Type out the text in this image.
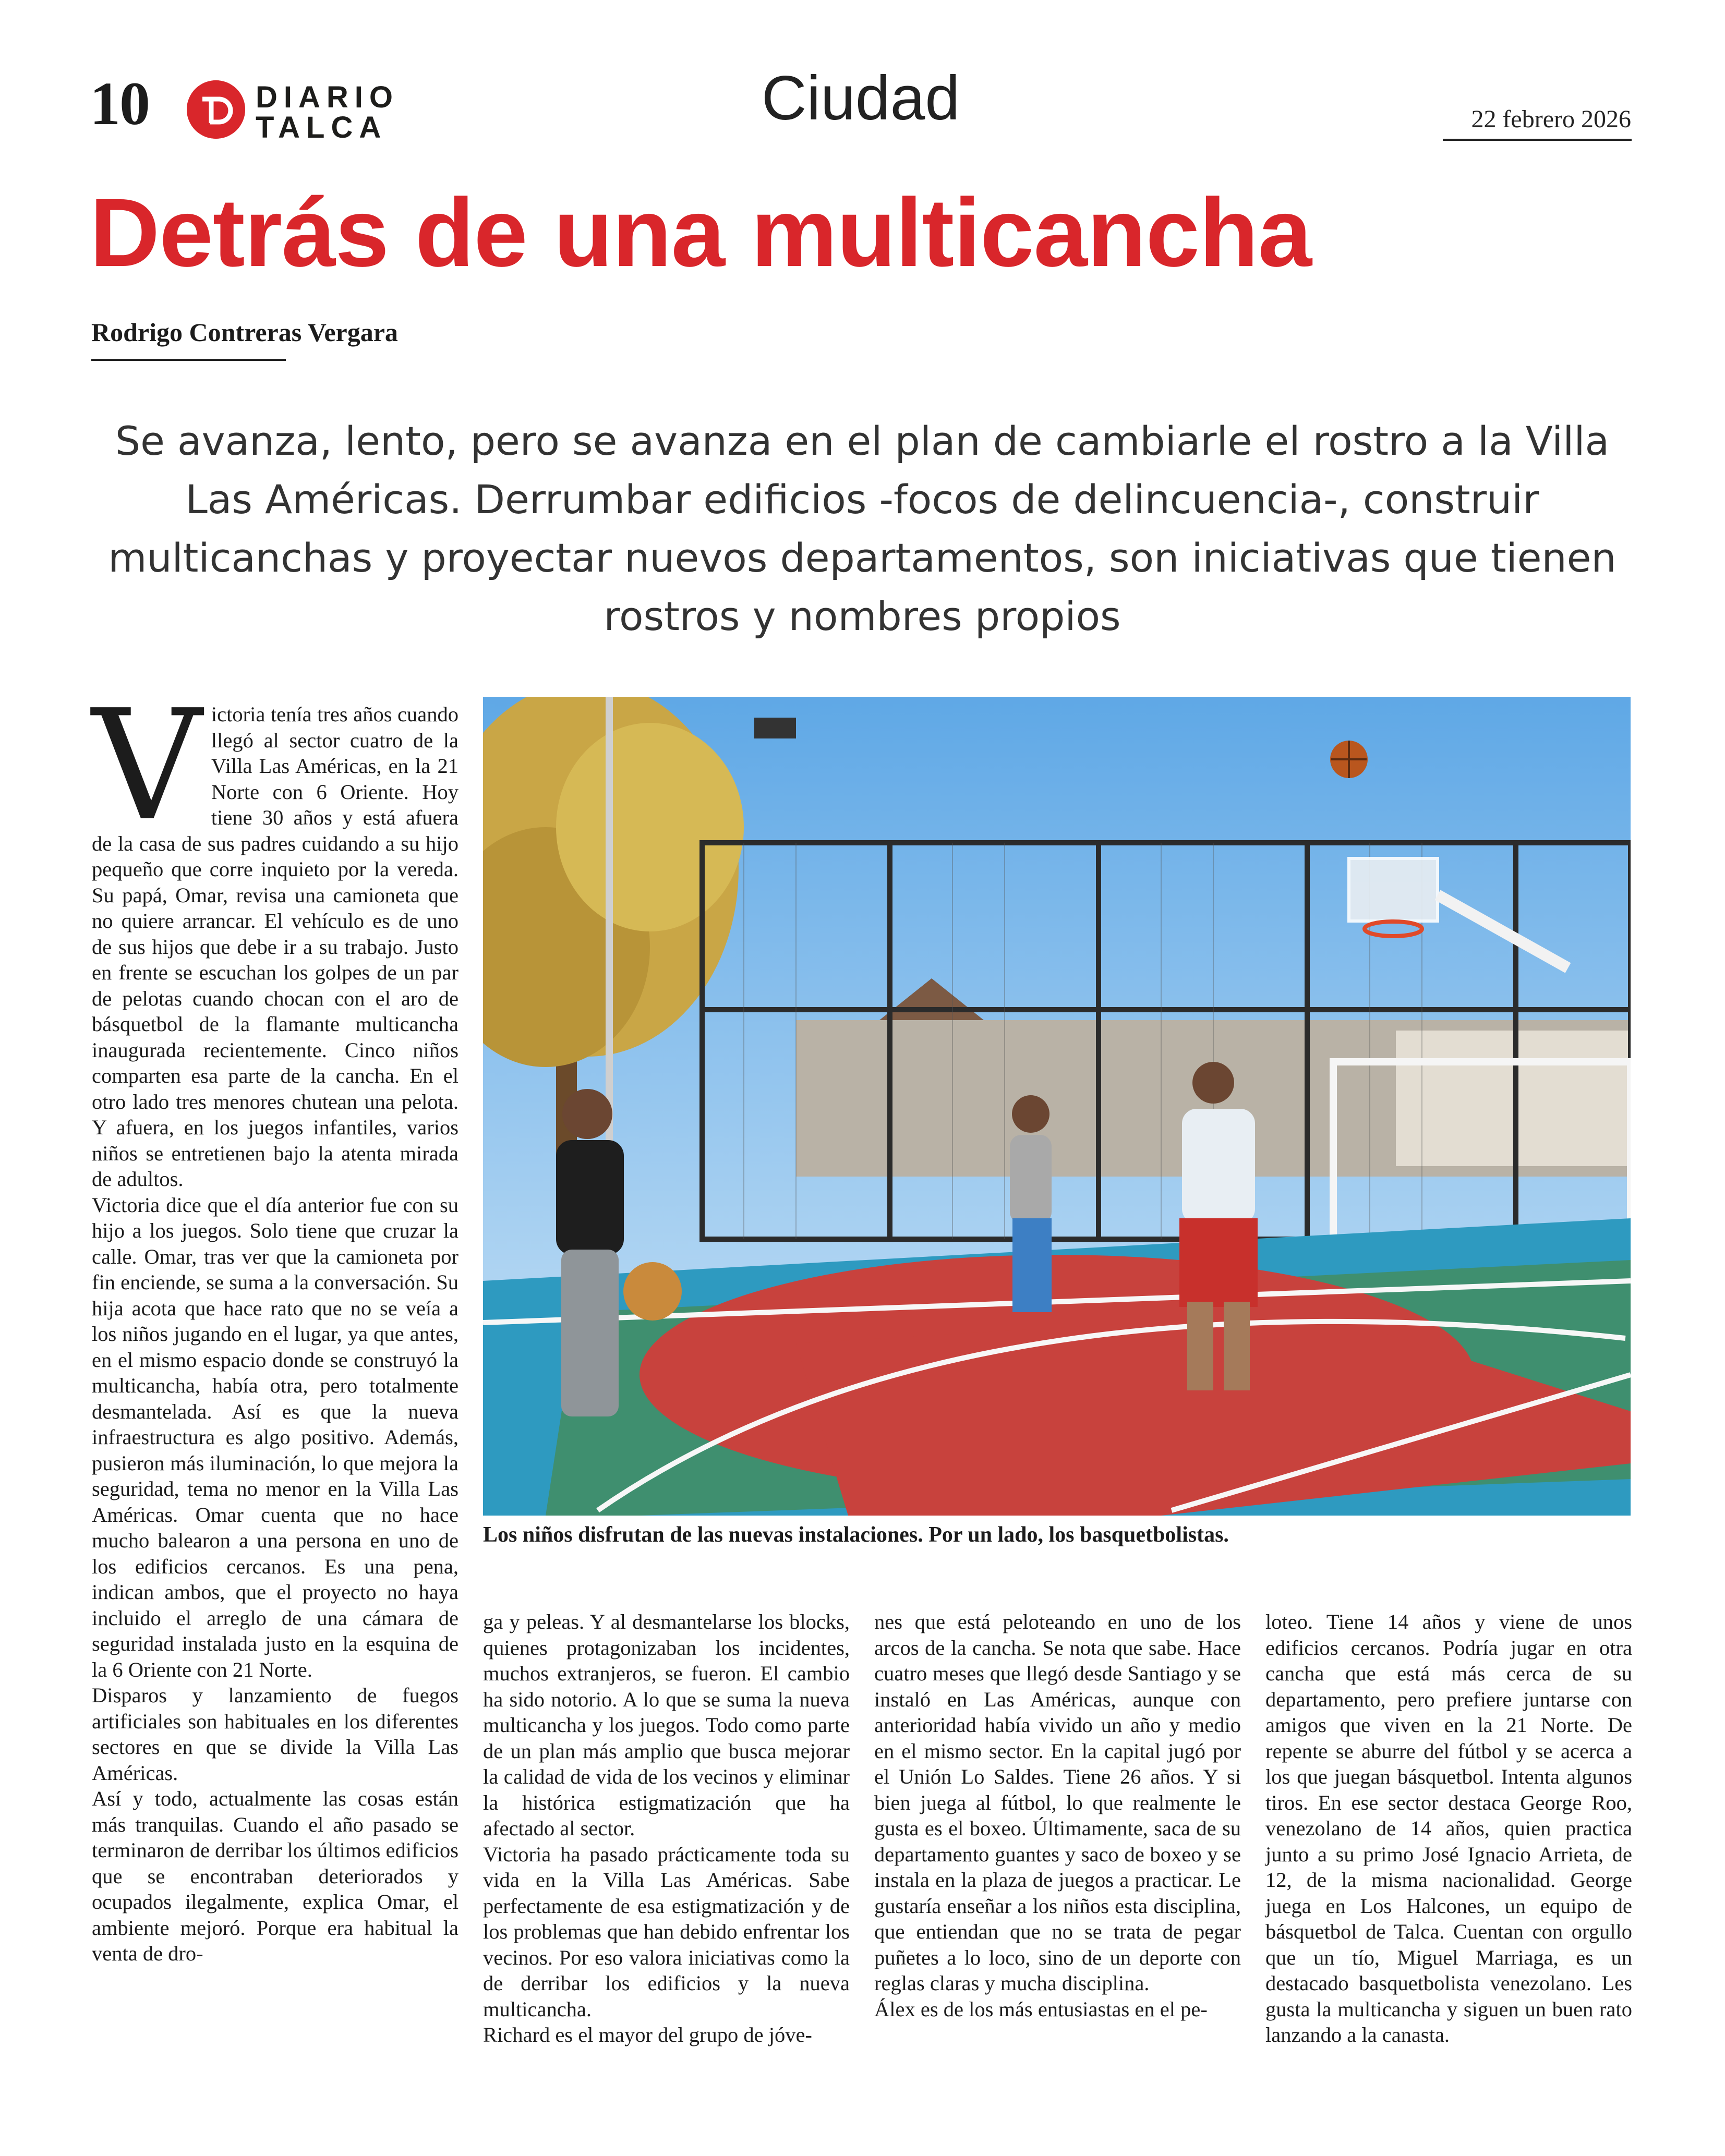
10	DIARIO
TALCA	Ciudad	22 febrero 2026
Detrás de una multicancha
Rodrigo Contreras Vergara
Se avanza, lento, pero se avanza en el plan de cambiarle el rostro a la Villa Las Américas. Derrumbar edificios -focos de delincuencia-, construir multicanchas y proyectar nuevos departamentos, son iniciativas que tienen rostros y nombres propios
V ictoria tenía tres años cuando llegó al sector cuatro de la Villa Las Américas, en la 21 Norte con 6 Oriente. Hoy tiene 30 años y está afuera de la casa de sus padres cuidando a su hijo pequeño que corre inquieto por la vereda. Su papá, Omar, revisa una camioneta que no quiere arrancar. El vehículo es de uno de sus hijos que debe ir a su trabajo. Justo en frente se escuchan los golpes de un par de pelotas cuando chocan con el aro de básquetbol de la flamante multicancha inaugurada recientemente. Cinco niños comparten esa parte de la cancha. En el otro lado tres menores chutean una pelota. Y afuera, en los juegos infantiles, varios niños se entretienen bajo la atenta mirada de adultos.

Victoria dice que el día anterior fue con su hijo a los juegos. Solo tiene que cruzar la calle. Omar, tras ver que la camioneta por fin enciende, se suma a la conversación. Su hija acota que hace rato que no se veía a los niños jugando en el lugar, ya que antes, en el mismo espacio donde se construyó la multicancha, había otra, pero totalmente desmantelada. Así es que la nueva infraestructura es algo positivo. Además, pusieron más iluminación, lo que mejora la seguridad, tema no menor en la Villa Las Américas. Omar cuenta que no hace mucho balearon a una persona en uno de los edificios cercanos. Es una pena, indican ambos, que el proyecto no haya incluido el arreglo de una cámara de seguridad instalada justo en la esquina de la 6 Oriente con 21 Norte.

Disparos y lanzamiento de fuegos artificiales son habituales en los diferentes sectores en que se divide la Villa Las Américas.

Así y todo, actualmente las cosas están más tranquilas. Cuando el año pasado se terminaron de derribar los últimos edificios que se encontraban deteriorados y ocupados ilegalmente, explica Omar, el ambiente mejoró. Porque era habitual la venta de dro-

Los niños disfrutan de las nuevas instalaciones. Por un lado, los basquetbolistas.

ga y peleas. Y al desmantelarse los blocks, quienes protagonizaban los incidentes, muchos extranjeros, se fueron. El cambio ha sido notorio. A lo que se suma la nueva multicancha y los juegos. Todo como parte de un plan más amplio que busca mejorar la calidad de vida de los vecinos y eliminar la histórica estigmatización que ha afectado al sector.

Victoria ha pasado prácticamente toda su vida en la Villa Las Américas. Sabe perfectamente de esa estigmatización y de los problemas que han debido enfrentar los vecinos. Por eso valora iniciativas como la de derribar los edificios y la nueva multicancha.

Richard es el mayor del grupo de jóve-

nes que está peloteando en uno de los arcos de la cancha. Se nota que sabe. Hace cuatro meses que llegó desde Santiago y se instaló en Las Américas, aunque con anterioridad había vivido un año y medio en el mismo sector. En la capital jugó por el Unión Lo Saldes. Tiene 26 años. Y si bien juega al fútbol, lo que realmente le gusta es el boxeo. Últimamente, saca de su departamento guantes y saco de boxeo y se instala en la plaza de juegos a practicar. Le gustaría enseñar a los niños esta disciplina, que entiendan que no se trata de pegar puñetes a lo loco, sino de un deporte con reglas claras y mucha disciplina.

Álex es de los más entusiastas en el pe-

loteo. Tiene 14 años y viene de unos edificios cercanos. Podría jugar en otra cancha que está más cerca de su departamento, pero prefiere juntarse con amigos que viven en la 21 Norte. De repente se aburre del fútbol y se acerca a los que juegan básquetbol. Intenta algunos tiros. En ese sector destaca George Roo, venezolano de 14 años, quien practica junto a su primo José Ignacio Arrieta, de 12, de la misma nacionalidad. George juega en Los Halcones, un equipo de básquetbol de Talca. Cuentan con orgullo que un tío, Miguel Marriaga, es un destacado basquetbolista venezolano. Les gusta la multicancha y siguen un buen rato lanzando a la canasta.
